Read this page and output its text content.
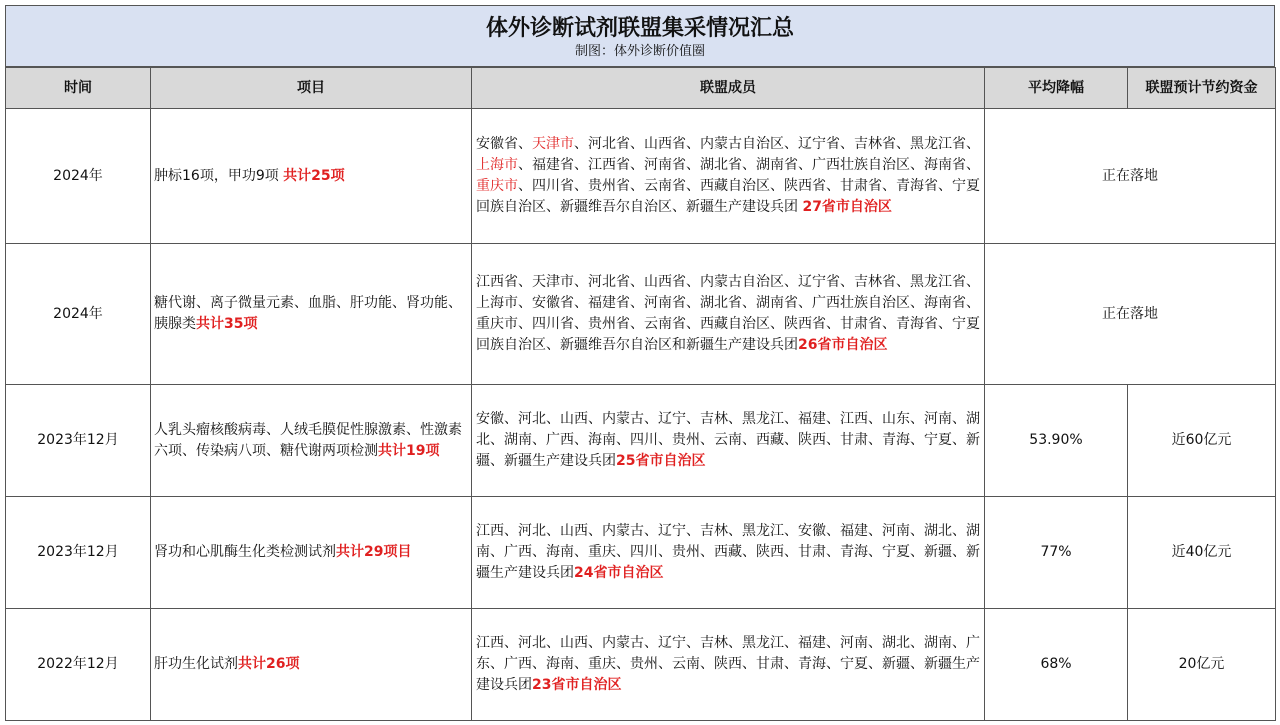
体外诊断试剂联盟集采情况汇总
制图：体外诊断价值圈
时间	项目	联盟成员	平均降幅	联盟预计节约资金
2024年	肿标16项，甲功9项 共计25项	安徽省、天津市、河北省、山西省、内蒙古自治区、辽宁省、吉林省、黑龙江省、上海市、福建省、江西省、河南省、湖北省、湖南省、广西壮族自治区、海南省、重庆市、四川省、贵州省、云南省、西藏自治区、陕西省、甘肃省、青海省、宁夏回族自治区、新疆维吾尔自治区、新疆生产建设兵团 27省市自治区	正在落地	
2024年	糖代谢、离子微量元素、血脂、肝功能、肾功能、胰腺类共计35项	江西省、天津市、河北省、山西省、内蒙古自治区、辽宁省、吉林省、黑龙江省、上海市、安徽省、福建省、河南省、湖北省、湖南省、广西壮族自治区、海南省、重庆市、四川省、贵州省、云南省、西藏自治区、陕西省、甘肃省、青海省、宁夏回族自治区、新疆维吾尔自治区和新疆生产建设兵团26省市自治区	正在落地	
2023年12月	人乳头瘤核酸病毒、人绒毛膜促性腺激素、性激素六项、传染病八项、糖代谢两项检测共计19项	安徽、河北、山西、内蒙古、辽宁、吉林、黑龙江、福建、江西、山东、河南、湖北、湖南、广西、海南、四川、贵州、云南、西藏、陕西、甘肃、青海、宁夏、新疆、新疆生产建设兵团25省市自治区	53.90%	近60亿元
2023年12月	肾功和心肌酶生化类检测试剂共计29项目	江西、河北、山西、内蒙古、辽宁、吉林、黑龙江、安徽、福建、河南、湖北、湖南、广西、海南、重庆、四川、贵州、西藏、陕西、甘肃、青海、宁夏、新疆、新疆生产建设兵团24省市自治区	77%	近40亿元
2022年12月	肝功生化试剂共计26项	江西、河北、山西、内蒙古、辽宁、吉林、黑龙江、福建、河南、湖北、湖南、广东、广西、海南、重庆、贵州、云南、陕西、甘肃、青海、宁夏、新疆、新疆生产建设兵团23省市自治区	68%	20亿元
